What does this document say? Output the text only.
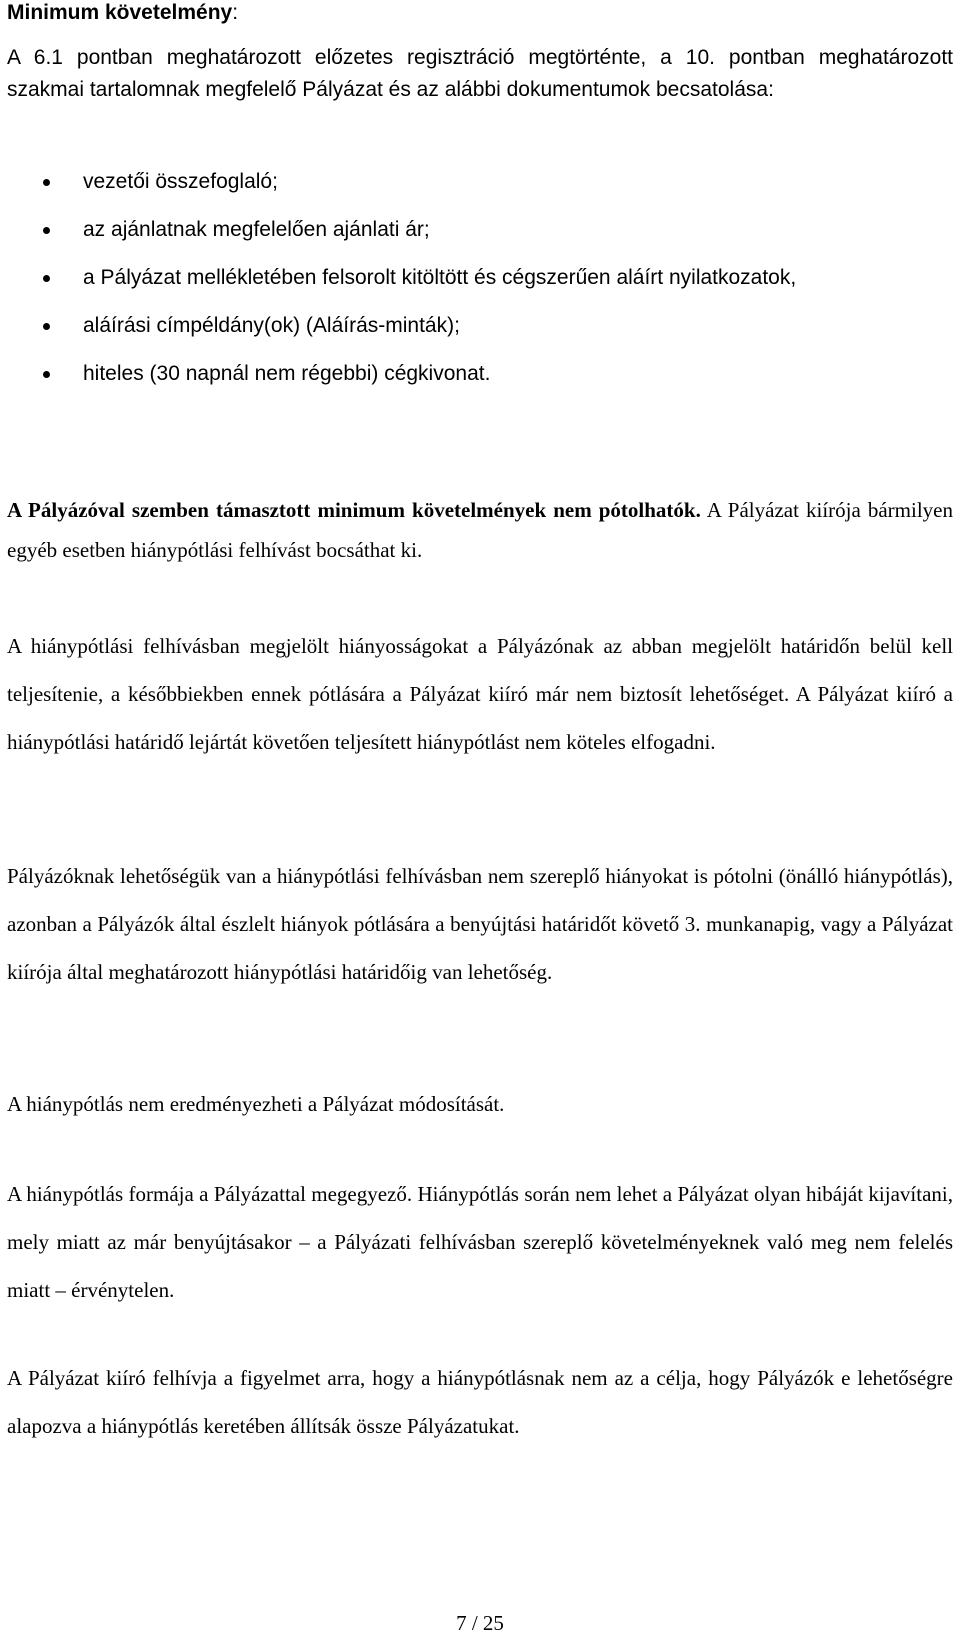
Minimum követelmény:

A 6.1 pontban meghatározott előzetes regisztráció megtörténte, a 10. pontban meghatározott szakmai tartalomnak megfelelő Pályázat és az alábbi dokumentumok becsatolása:

vezetői összefoglaló;
az ajánlatnak megfelelően ajánlati ár;
a Pályázat mellékletében felsorolt kitöltött és cégszerűen aláírt nyilatkozatok,
aláírási címpéldány(ok) (Aláírás-minták);
hiteles (30 napnál nem régebbi) cégkivonat.

A Pályázóval szemben támasztott minimum követelmények nem pótolhatók. A Pályázat kiírója bármilyen egyéb esetben hiánypótlási felhívást bocsáthat ki.

A hiánypótlási felhívásban megjelölt hiányosságokat a Pályázónak az abban megjelölt határidőn belül kell teljesítenie, a későbbiekben ennek pótlására a Pályázat kiíró már nem biztosít lehetőséget. A Pályázat kiíró a hiánypótlási határidő lejártát követően teljesített hiánypótlást nem köteles elfogadni.

Pályázóknak lehetőségük van a hiánypótlási felhívásban nem szereplő hiányokat is pótolni (önálló hiánypótlás), azonban a Pályázók által észlelt hiányok pótlására a benyújtási határidőt követő 3. munkanapig, vagy a Pályázat kiírója által meghatározott hiánypótlási határidőig van lehetőség.

A hiánypótlás nem eredményezheti a Pályázat módosítását.

A hiánypótlás formája a Pályázattal megegyező. Hiánypótlás során nem lehet a Pályázat olyan hibáját kijavítani, mely miatt az már benyújtásakor – a Pályázati felhívásban szereplő követelményeknek való meg nem felelés miatt – érvénytelen.

A Pályázat kiíró felhívja a figyelmet arra, hogy a hiánypótlásnak nem az a célja, hogy Pályázók e lehetőségre alapozva a hiánypótlás keretében állítsák össze Pályázatukat.

7 / 25
